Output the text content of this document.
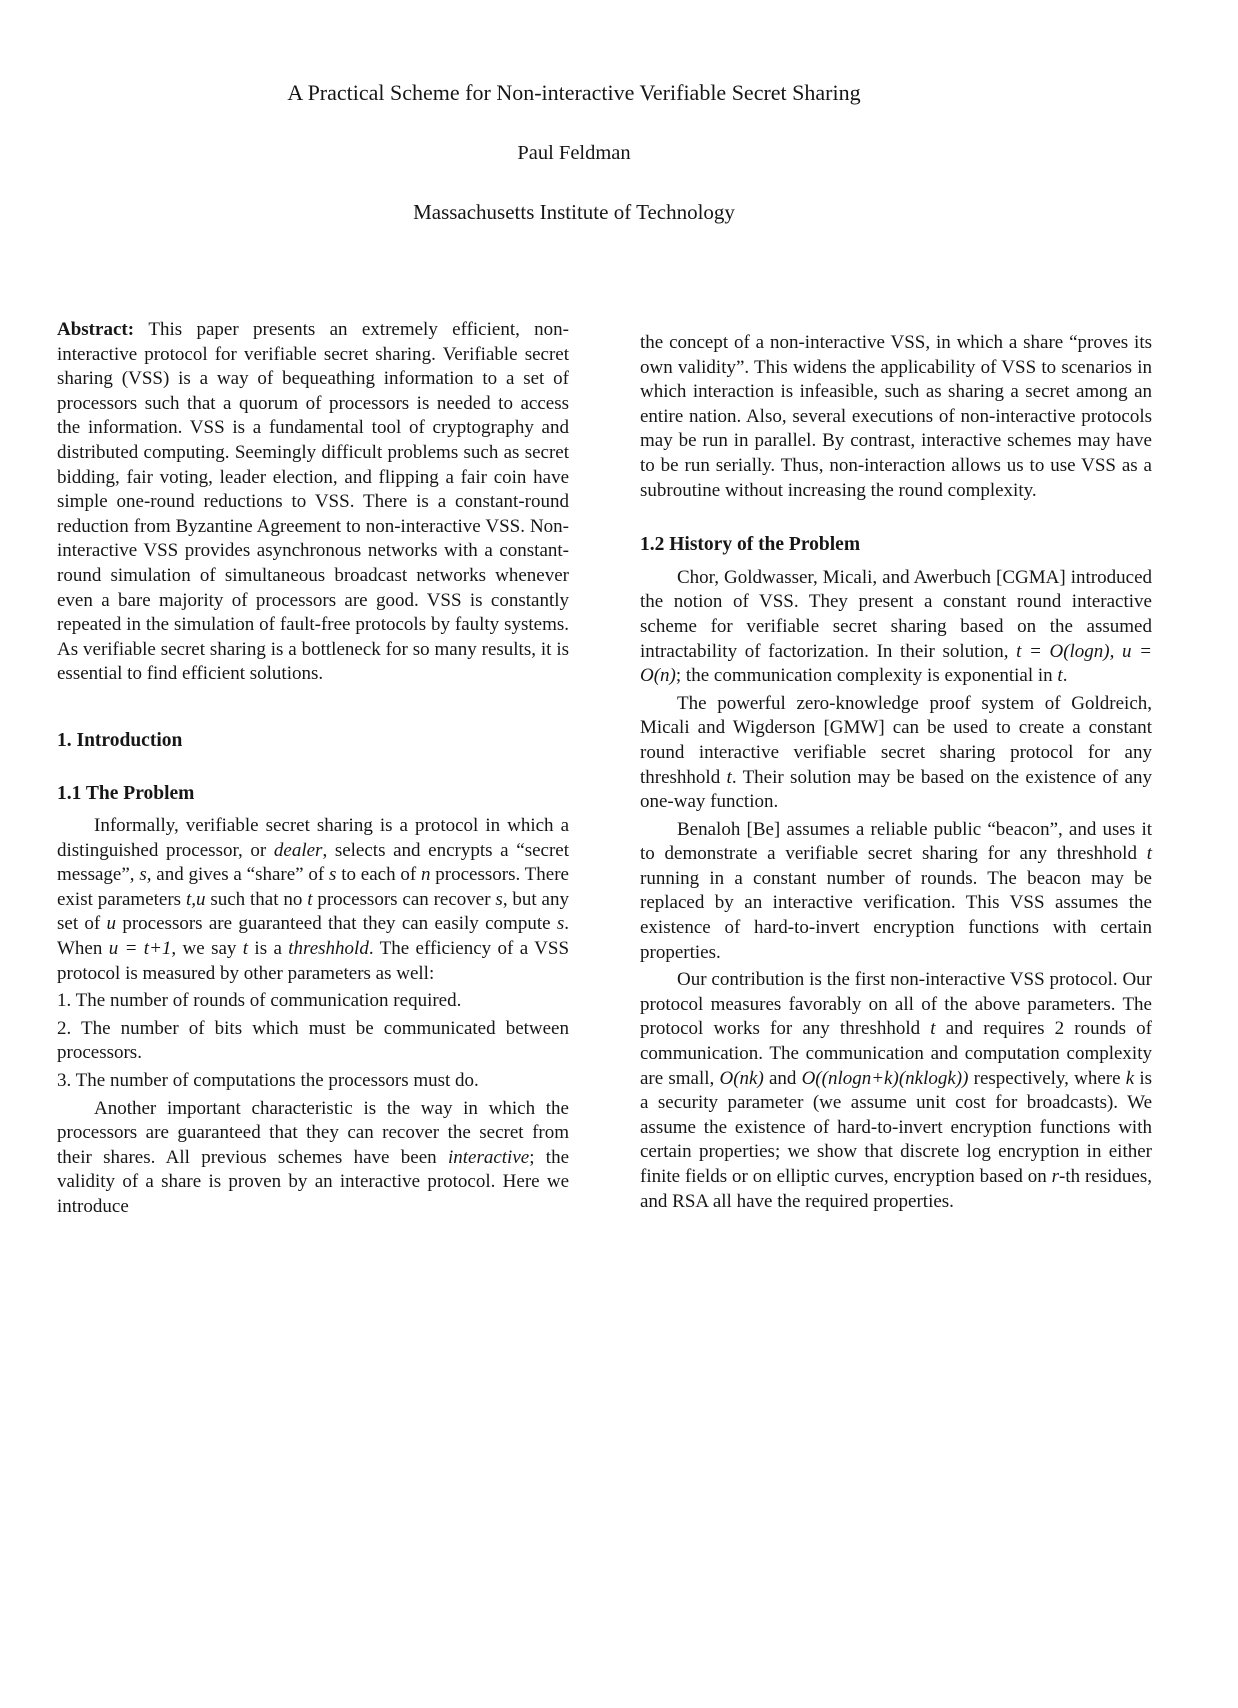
A Practical Scheme for Non-interactive Verifiable Secret Sharing
Paul Feldman
Massachusetts Institute of Technology

Abstract: This paper presents an extremely efficient, non-interactive protocol for verifiable secret sharing. Verifiable secret sharing (VSS) is a way of bequeathing information to a set of processors such that a quorum of processors is needed to access the information. VSS is a fundamental tool of cryptography and distributed computing. Seemingly difficult problems such as secret bidding, fair voting, leader election, and flipping a fair coin have simple one-round reductions to VSS. There is a constant-round reduction from Byzantine Agreement to non-interactive VSS. Non-interactive VSS provides asynchronous networks with a constant-round simulation of simultaneous broadcast networks whenever even a bare majority of processors are good. VSS is constantly repeated in the simulation of fault-free protocols by faulty systems. As verifiable secret sharing is a bottleneck for so many results, it is essential to find efficient solutions.

1. Introduction
1.1 The Problem

Informally, verifiable secret sharing is a protocol in which a distinguished processor, or dealer, selects and encrypts a “secret message”, s, and gives a “share” of s to each of n processors. There exist parameters t,u such that no t processors can recover s, but any set of u processors are guaranteed that they can easily compute s. When u = t+1, we say t is a threshhold. The efficiency of a VSS protocol is measured by other parameters as well:

1. The number of rounds of communication required.

2. The number of bits which must be communicated between processors.

3. The number of computations the processors must do.

Another important characteristic is the way in which the processors are guaranteed that they can recover the secret from their shares. All previous schemes have been interactive; the validity of a share is proven by an interactive protocol. Here we introduce

the concept of a non-interactive VSS, in which a share “proves its own validity”. This widens the applicability of VSS to scenarios in which interaction is infeasible, such as sharing a secret among an entire nation. Also, several executions of non-interactive protocols may be run in parallel. By contrast, interactive schemes may have to be run serially. Thus, non-interaction allows us to use VSS as a subroutine without increasing the round complexity.

1.2 History of the Problem

Chor, Goldwasser, Micali, and Awerbuch [CGMA] introduced the notion of VSS. They present a constant round interactive scheme for verifiable secret sharing based on the assumed intractability of factorization. In their solution, t = O(logn), u = O(n); the communication complexity is exponential in t.

The powerful zero-knowledge proof system of Goldreich, Micali and Wigderson [GMW] can be used to create a constant round interactive verifiable secret sharing protocol for any threshhold t. Their solution may be based on the existence of any one-way function.

Benaloh [Be] assumes a reliable public “beacon”, and uses it to demonstrate a verifiable secret sharing for any threshhold t running in a constant number of rounds. The beacon may be replaced by an interactive verification. This VSS assumes the existence of hard-to-invert encryption functions with certain properties.

Our contribution is the first non-interactive VSS protocol. Our protocol measures favorably on all of the above parameters. The protocol works for any threshhold t and requires 2 rounds of communication. The communication and computation complexity are small, O(nk) and O((nlogn+k)(nklogk)) respectively, where k is a security parameter (we assume unit cost for broadcasts). We assume the existence of hard-to-invert encryption functions with certain properties; we show that discrete log encryption in either finite fields or on elliptic curves, encryption based on r-th residues, and RSA all have the required properties.
